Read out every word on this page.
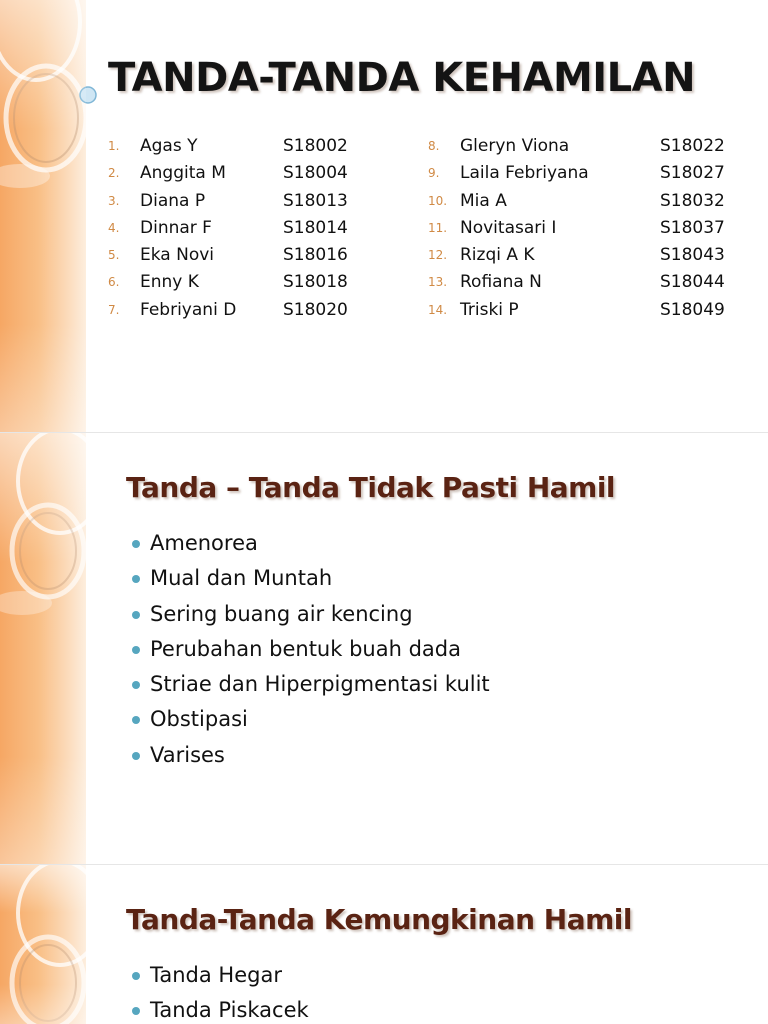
TANDA-TANDA KEHAMILAN
1.	Agas Y	S18002
2.	Anggita M	S18004
3.	Diana P	S18013
4.	Dinnar F	S18014
5.	Eka Novi	S18016
6.	Enny K	S18018
7.	Febriyani D	S18020
8.	Gleryn Viona	S18022
9.	Laila Febriyana	S18027
10. Mia A	S18032
11. Novitasari I	S18037
12. Rizqi A K	S18043
13. Rofiana N	S18044
14. Triski P	S18049
Tanda – Tanda Tidak Pasti Hamil
Amenorea
Mual dan Muntah
Sering buang air kencing
Perubahan bentuk buah dada
Striae dan Hiperpigmentasi kulit
Obstipasi
Varises
Tanda-Tanda Kemungkinan Hamil
Tanda Hegar
Tanda Piskacek
